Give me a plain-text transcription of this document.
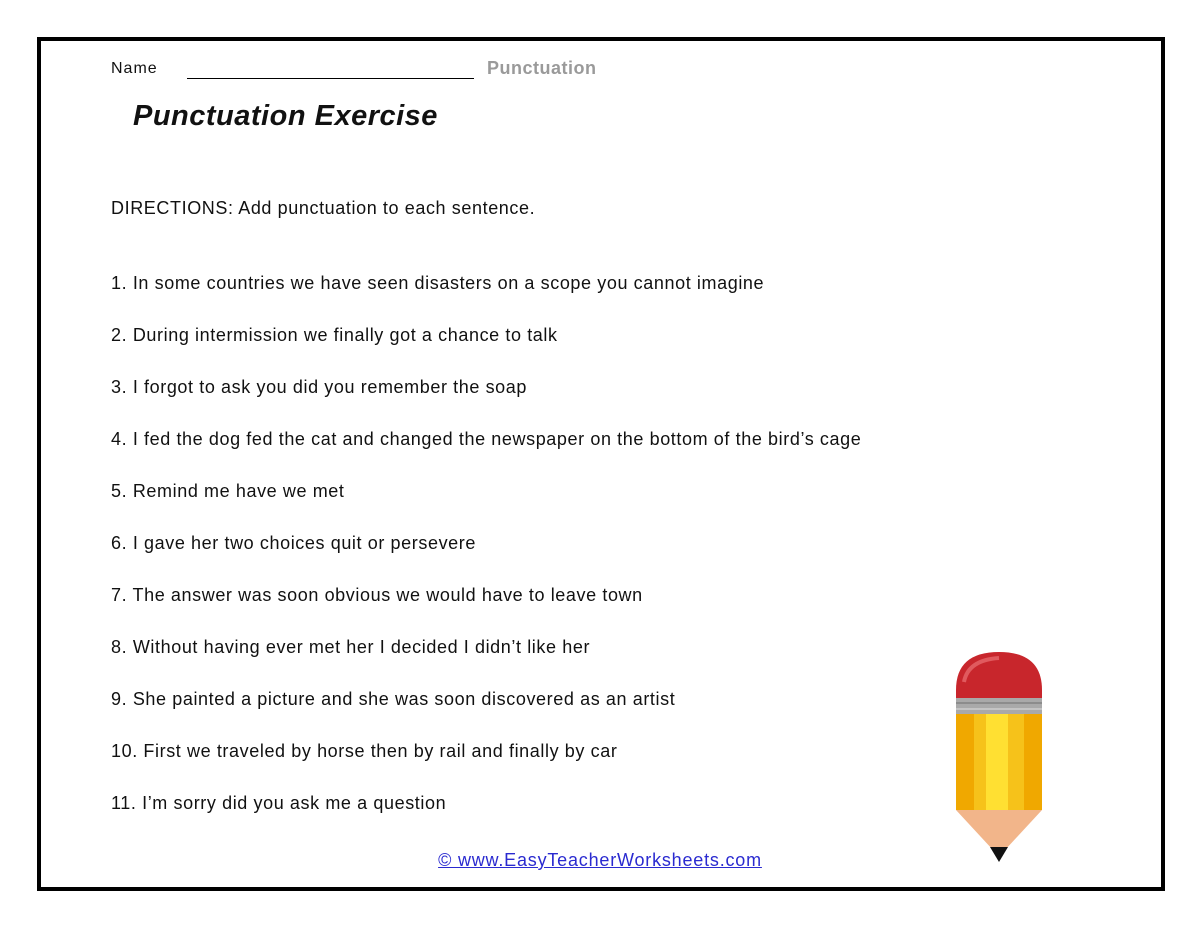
Name	Punctuation
Punctuation Exercise
DIRECTIONS: Add punctuation to each sentence.
1. In some countries we have seen disasters on a scope you cannot imagine
2. During intermission we finally got a chance to talk
3. I forgot to ask you did you remember the soap
4. I fed the dog fed the cat and changed the newspaper on the bottom of the bird’s cage
5. Remind me have we met
6. I gave her two choices quit or persevere
7. The answer was soon obvious we would have to leave town
8. Without having ever met her I decided I didn’t like her
9. She painted a picture and she was soon discovered as an artist
10. First we traveled by horse then by rail and finally by car
11. I’m sorry did you ask me a question
© www.EasyTeacherWorksheets.com
